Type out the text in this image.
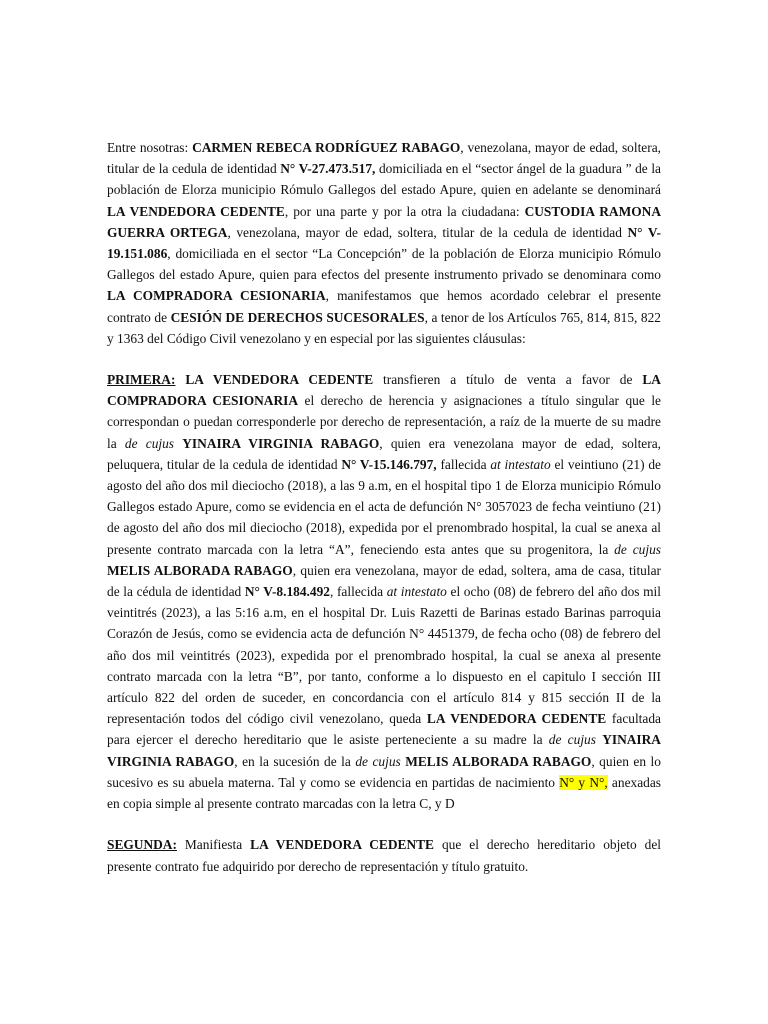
Entre nosotras: CARMEN REBECA RODRÍGUEZ RABAGO, venezolana, mayor de edad, soltera, titular de la cedula de identidad N° V-27.473.517, domiciliada en el “sector ángel de la guadura ” de la población de Elorza municipio Rómulo Gallegos del estado Apure, quien en adelante se denominará LA VENDEDORA CEDENTE, por una parte y por la otra la ciudadana: CUSTODIA RAMONA GUERRA ORTEGA, venezolana, mayor de edad, soltera, titular de la cedula de identidad N° V-19.151.086, domiciliada en el sector “La Concepción” de la población de Elorza municipio Rómulo Gallegos del estado Apure, quien para efectos del presente instrumento privado se denominara como LA COMPRADORA CESIONARIA, manifestamos que hemos acordado celebrar el presente contrato de CESIÓN DE DERECHOS SUCESORALES, a tenor de los Artículos 765, 814, 815, 822 y 1363 del Código Civil venezolano y en especial por las siguientes cláusulas:

PRIMERA: LA VENDEDORA CEDENTE transfieren a título de venta a favor de LA COMPRADORA CESIONARIA el derecho de herencia y asignaciones a título singular que le correspondan o puedan corresponderle por derecho de representación, a raíz de la muerte de su madre la de cujus YINAIRA VIRGINIA RABAGO, quien era venezolana mayor de edad, soltera, peluquera, titular de la cedula de identidad N° V-15.146.797, fallecida at intestato el veintiuno (21) de agosto del año dos mil dieciocho (2018), a las 9 a.m, en el hospital tipo 1 de Elorza municipio Rómulo Gallegos estado Apure, como se evidencia en el acta de defunción N° 3057023 de fecha veintiuno (21) de agosto del año dos mil dieciocho (2018), expedida por el prenombrado hospital, la cual se anexa al presente contrato marcada con la letra “A”, feneciendo esta antes que su progenitora, la de cujus MELIS ALBORADA RABAGO, quien era venezolana, mayor de edad, soltera, ama de casa, titular de la cédula de identidad N° V-8.184.492, fallecida at intestato el ocho (08) de febrero del año dos mil veintitrés (2023), a las 5:16 a.m, en el hospital Dr. Luis Razetti de Barinas estado Barinas parroquia Corazón de Jesús, como se evidencia acta de defunción N° 4451379, de fecha ocho (08) de febrero del año dos mil veintitrés (2023), expedida por el prenombrado hospital, la cual se anexa al presente contrato marcada con la letra “B”, por tanto, conforme a lo dispuesto en el capitulo I sección III artículo 822 del orden de suceder, en concordancia con el artículo 814 y 815 sección II de la representación todos del código civil venezolano, queda LA VENDEDORA CEDENTE facultada para ejercer el derecho hereditario que le asiste perteneciente a su madre la de cujus YINAIRA VIRGINIA RABAGO, en la sucesión de la de cujus MELIS ALBORADA RABAGO, quien en lo sucesivo es su abuela materna. Tal y como se evidencia en partidas de nacimiento N° y N°, anexadas en copia simple al presente contrato marcadas con la letra C, y D

SEGUNDA: Manifiesta LA VENDEDORA CEDENTE que el derecho hereditario objeto del presente contrato fue adquirido por derecho de representación y título gratuito.
